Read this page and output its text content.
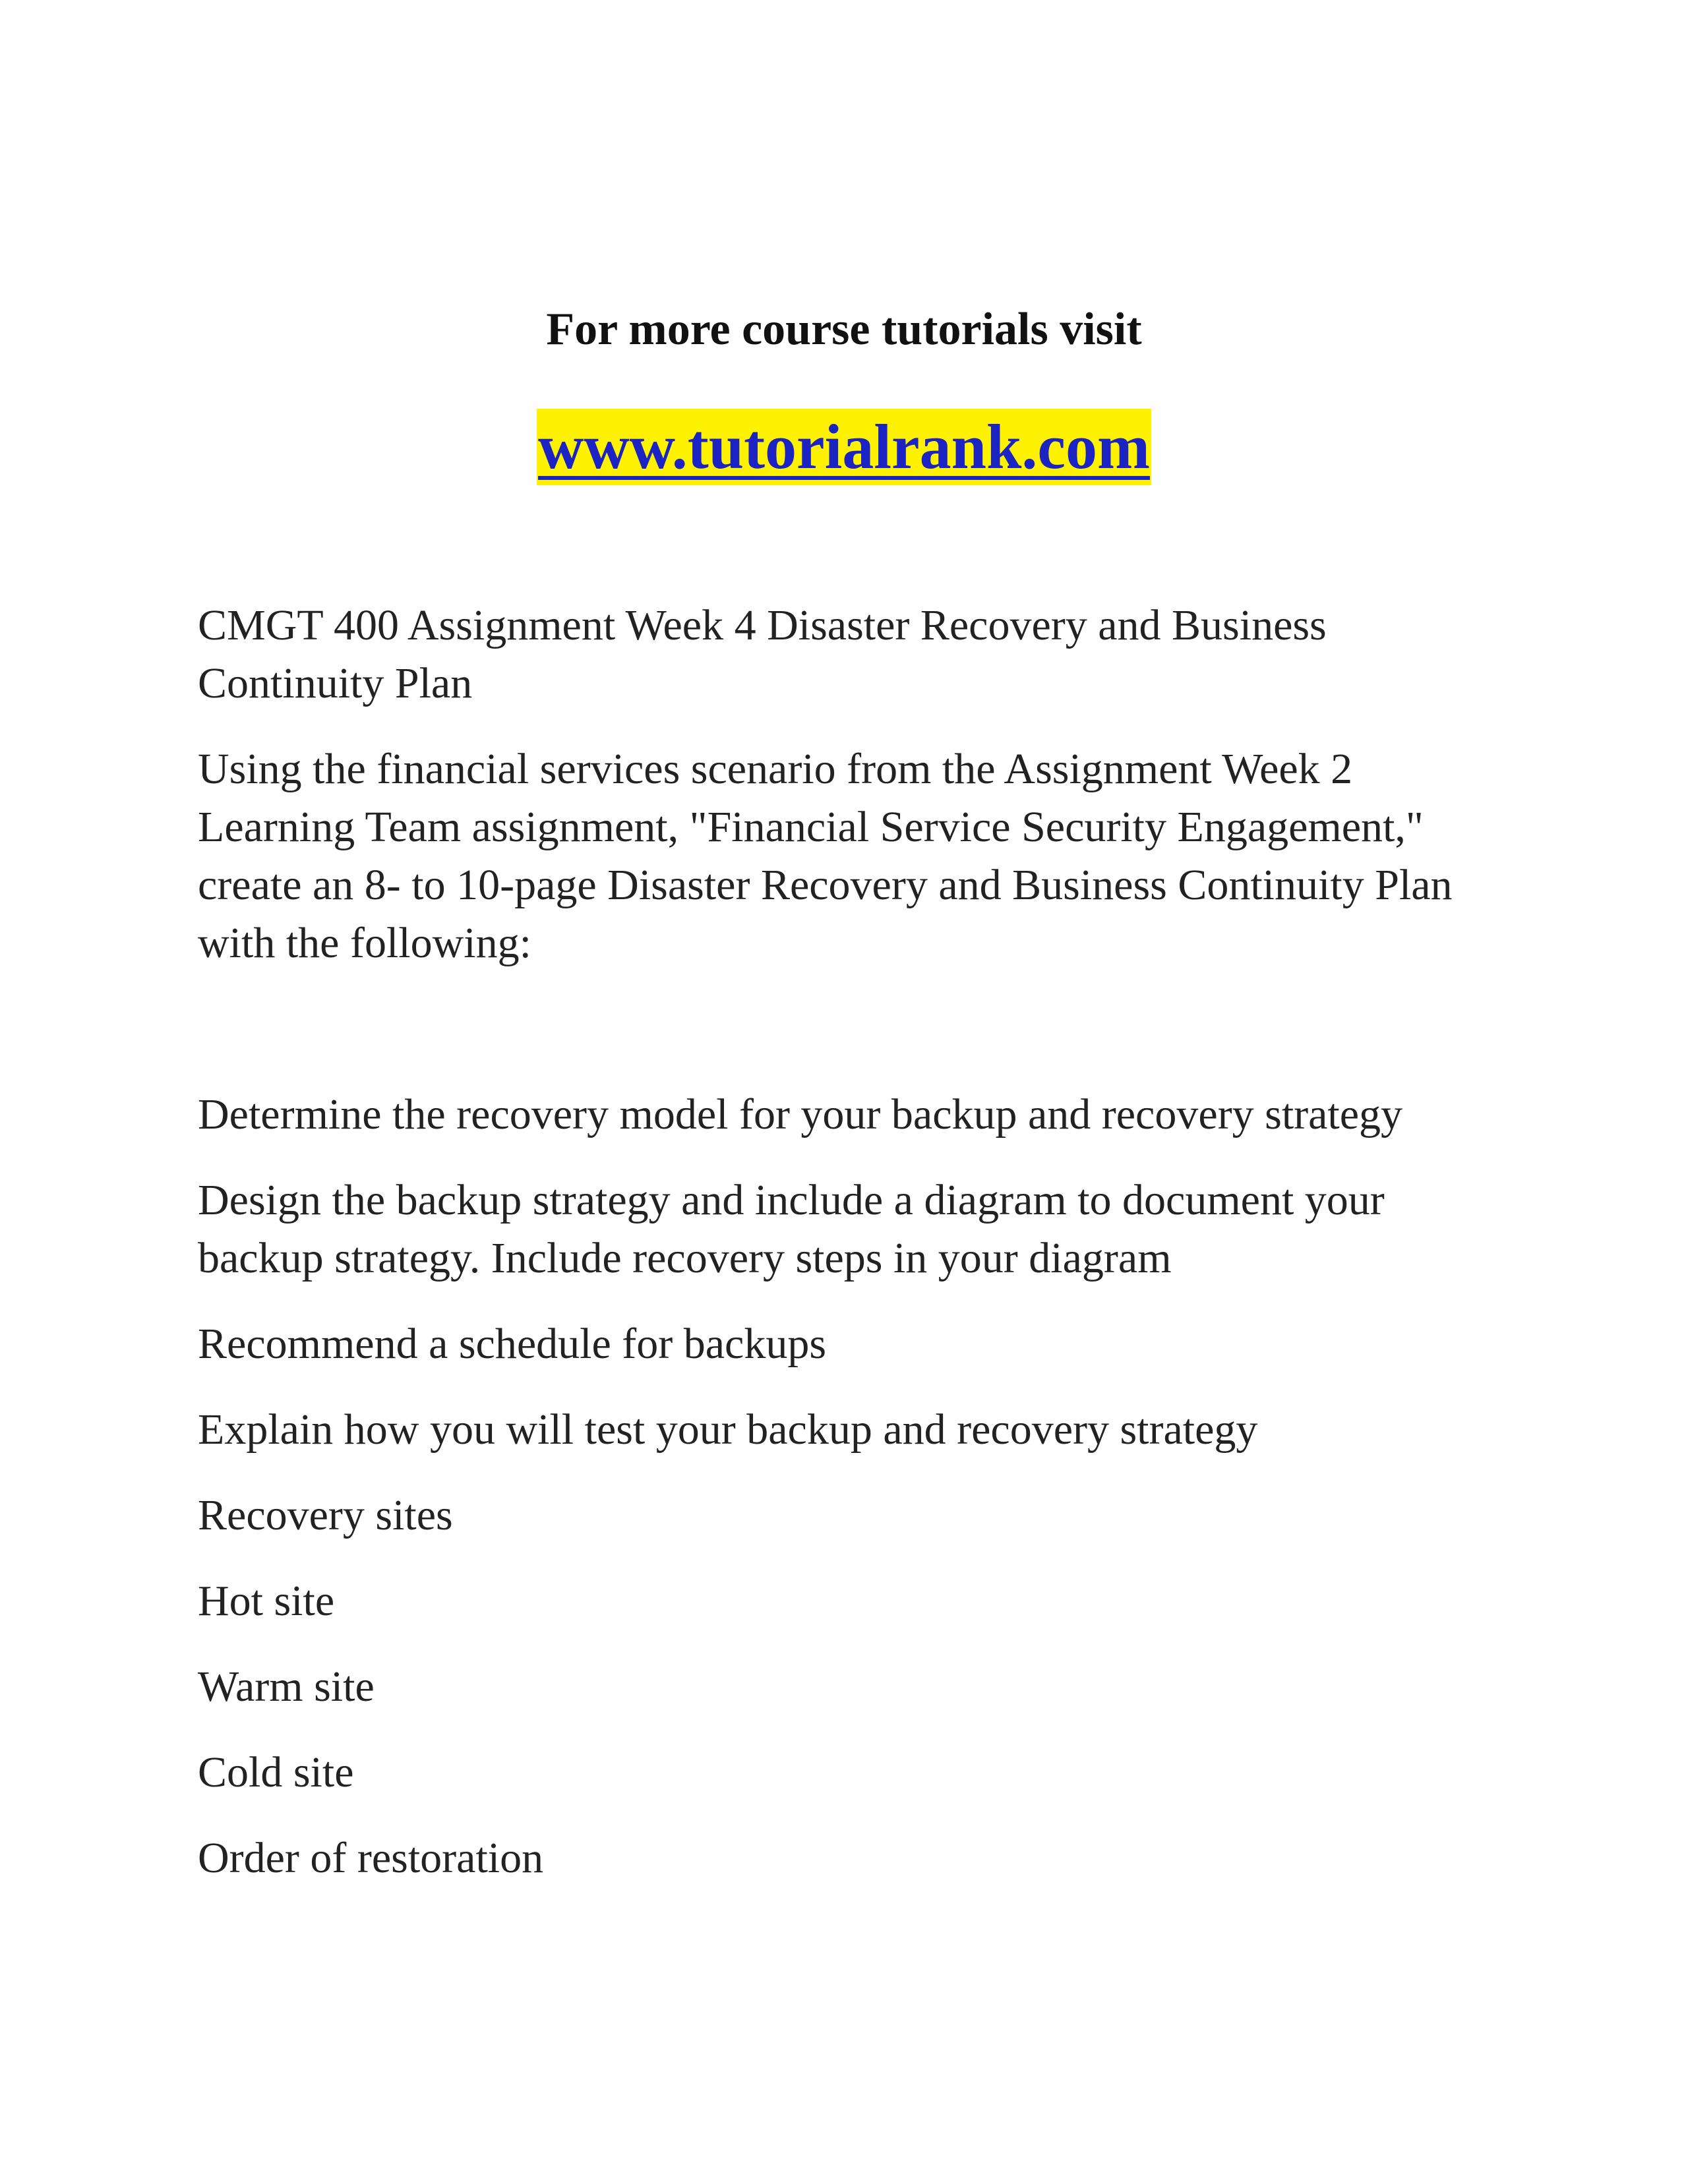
For more course tutorials visit

www.tutorialrank.com

CMGT 400 Assignment Week 4 Disaster Recovery and Business Continuity Plan

Using the financial services scenario from the Assignment Week 2 Learning Team assignment, "Financial Service Security Engagement," create an 8- to 10-page Disaster Recovery and Business Continuity Plan with the following:

Determine the recovery model for your backup and recovery strategy

Design the backup strategy and include a diagram to document your backup strategy. Include recovery steps in your diagram

Recommend a schedule for backups

Explain how you will test your backup and recovery strategy

Recovery sites

Hot site

Warm site

Cold site

Order of restoration
